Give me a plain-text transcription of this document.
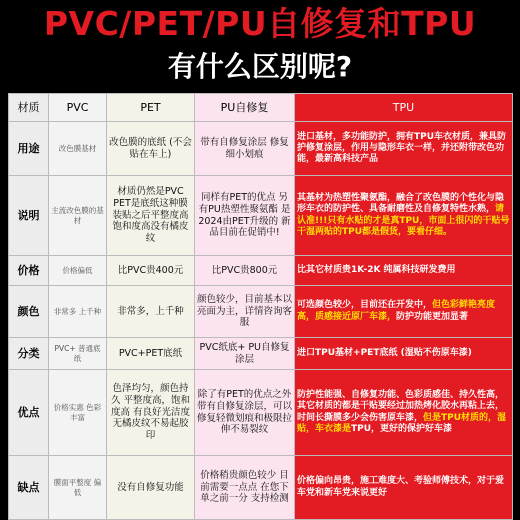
PVC/PET/PU自修复和TPU
有什么区别呢?
材质	PVC	PET	PU自修复	TPU
用途	改色膜基材	改色膜的底纸 (不会贴在车上)	带有自修复涂层 修复细小划痕	进口基材，多功能防护，拥有TPU车衣材质，兼具防护修复涂层，作用与隐形车衣一样，并还附带改色功能，最新高科技产品
说明	主流改色膜的基材	材质仍然是PVC PET是底纸这种膜 装贴之后平整度高 饱和度高没有橘皮纹	同样有PET的优点 另有PU热塑性聚氨酯 是2024由PET升级的 新品目前在促销中!	其基材为热塑性聚氨酯，融合了改色膜的个性化与隐形车衣的防护性、具备耐磨性及自修复特性水熟，请认准!!!只有水贴的才是真TPU，市面上很闪的干贴号干湿两贴的TPU都是假货，要看仔细。
价格	价格偏低	比PVC贵400元	比PVC贵800元	比其它材质贵1K-2K 纯属科技研发费用
颜色	非常多 上千种	非常多，上千种	颜色较少，目前基本以亮面为主，详情咨询客服	可选颜色较少，目前还在开发中，但色彩鲜艳亮度高，质感接近原厂车漆，防护功能更加显著
分类	PVC+ 普通底纸	PVC+PET底纸	PVC纸底+ PU自修复涂层	进口TPU基材+PET底纸 (湿贴不伤原车漆)
优点	价格实惠 色彩丰富	色泽均匀，颜色持久 平整度高，饱和度高 有良好光洁度 无橘皮纹不易起胶印	除了有PET的优点之外 带有自修复涂层，可以修复轻微划痕和极限拉伸不易裂纹	防护性能强、自修复功能、色彩质感佳、持久性高，其它材质的都是干贴要经过加热烤化胶水再粘上去，时间长撕膜多少会伤害原车漆，但是TPU材质的，湿贴，车衣漆是TPU，更好的保护好车漆
缺点	膜面平整度 偏低	没有自修复功能	价格稍贵颜色较少 目前需要一点点 在您下单之前一分 支持检测	价格偏向昂贵，施工难度大、考验师傅技术，对于爱车党和新车党来说更好
